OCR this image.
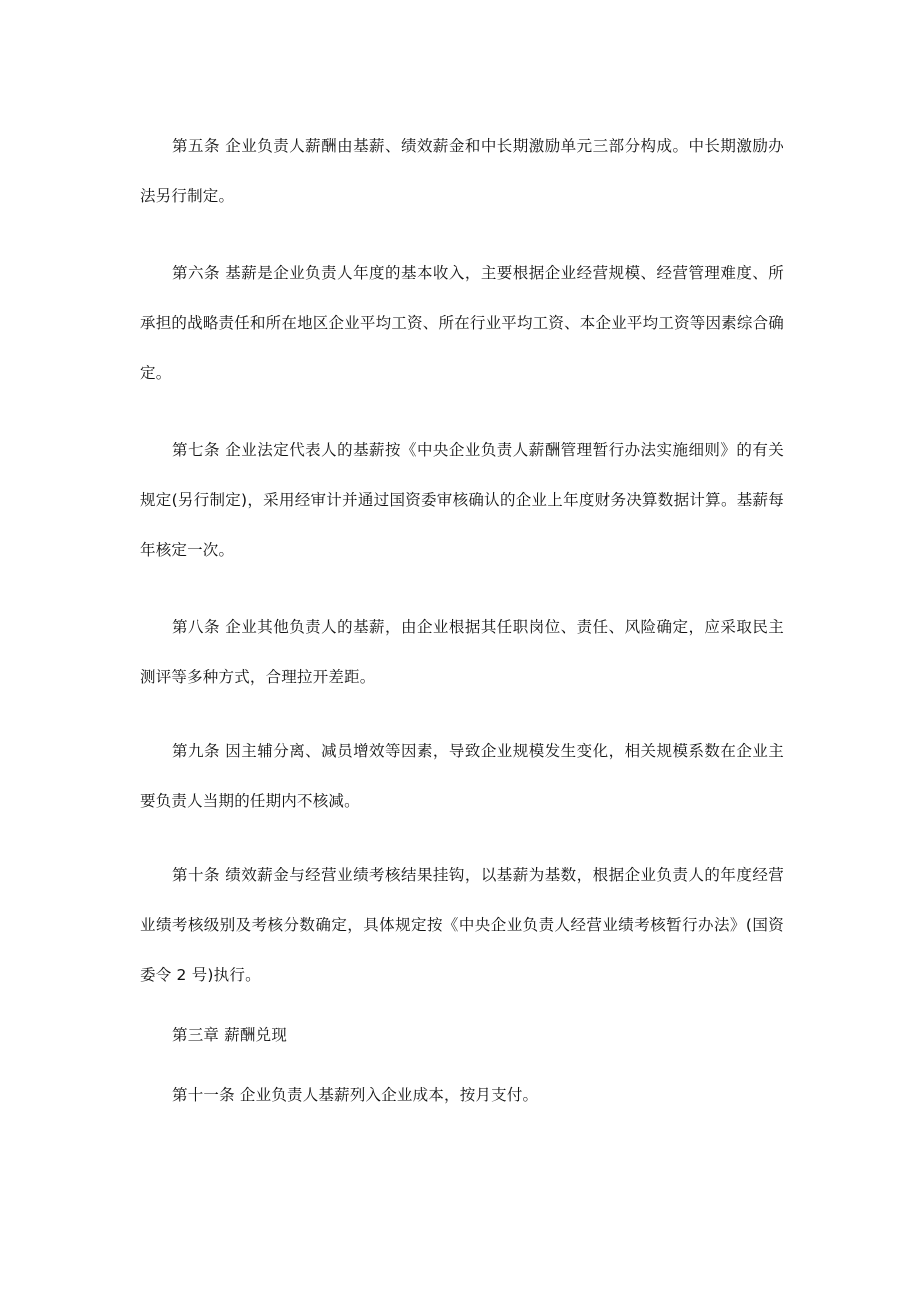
第五条 企业负责人薪酬由基薪、绩效薪金和中长期激励单元三部分构成。中长期激励办法另行制定。

第六条 基薪是企业负责人年度的基本收入，主要根据企业经营规模、经营管理难度、所承担的战略责任和所在地区企业平均工资、所在行业平均工资、本企业平均工资等因素综合确定。

第七条 企业法定代表人的基薪按《中央企业负责人薪酬管理暂行办法实施细则》的有关规定(另行制定)，采用经审计并通过国资委审核确认的企业上年度财务决算数据计算。基薪每年核定一次。

第八条 企业其他负责人的基薪，由企业根据其任职岗位、责任、风险确定，应采取民主测评等多种方式，合理拉开差距。

第九条 因主辅分离、减员增效等因素，导致企业规模发生变化，相关规模系数在企业主要负责人当期的任期内不核减。

第十条 绩效薪金与经营业绩考核结果挂钩，以基薪为基数，根据企业负责人的年度经营业绩考核级别及考核分数确定，具体规定按《中央企业负责人经营业绩考核暂行办法》(国资委令 2 号)执行。

第三章 薪酬兑现

第十一条 企业负责人基薪列入企业成本，按月支付。
